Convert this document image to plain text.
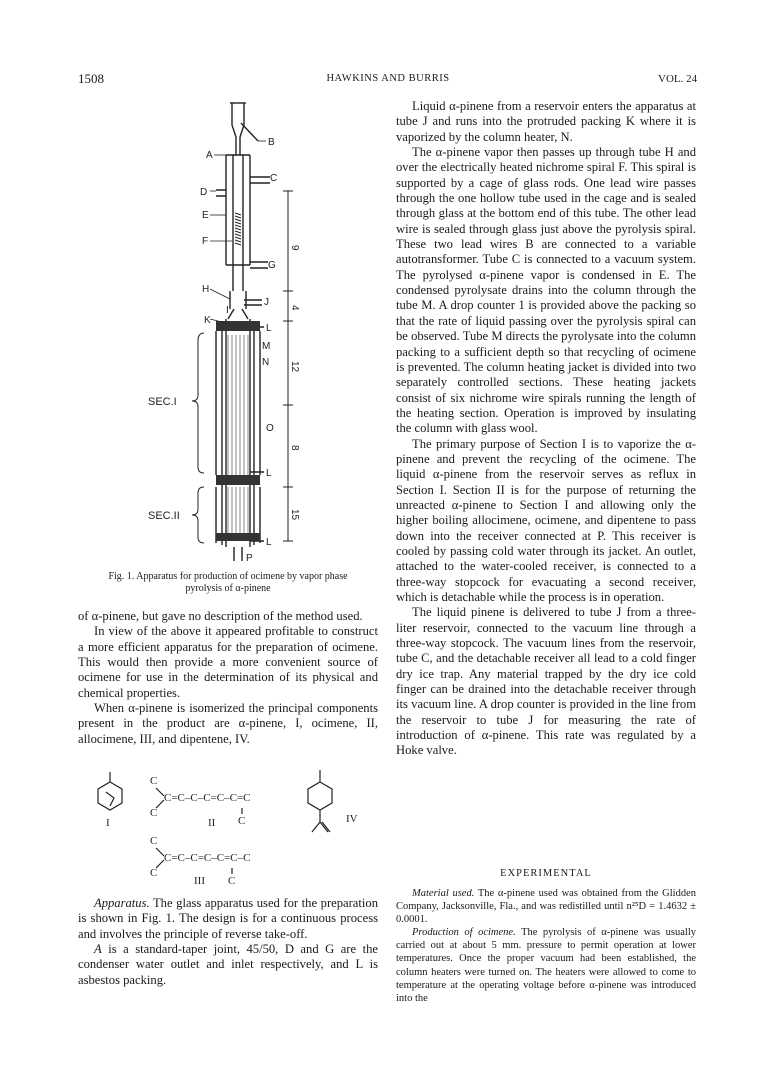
1508	HAWKINS AND BURRIS	VOL. 24
A
B
C
D
E
F
G
H
I
J
K
L
M
N
O
L
L
P
SEC.I
SEC.II
9
4
12
8
15
Fig. 1. Apparatus for production of ocimene by vapor phase
pyrolysis of α-pinene

of α-pinene, but gave no description of the method used.

In view of the above it appeared profitable to construct a more efficient apparatus for the preparation of ocimene. This would then provide a more convenient source of ocimene for use in the determination of its physical and chemical properties.

When α-pinene is isomerized the principal components present in the product are α-pinene, I, ocimene, II, allocimene, III, and dipentene, IV.

C
C=C–C–C=C–C=C
C
C
I	II	IV
C
C=C–C=C–C=C–C
C
III C

Apparatus. The glass apparatus used for the preparation is shown in Fig. 1. The design is for a continuous process and involves the principle of reverse take-off.

A is a standard-taper joint, 45/50, D and G are the condenser water outlet and inlet respectively, and L is asbestos packing.

Liquid α-pinene from a reservoir enters the apparatus at tube J and runs into the protruded packing K where it is vaporized by the column heater, N.

The α-pinene vapor then passes up through tube H and over the electrically heated nichrome spiral F. This spiral is supported by a cage of glass rods. One lead wire passes through the one hollow tube used in the cage and is sealed through glass at the bottom end of this tube. The other lead wire is sealed through glass just above the pyrolysis spiral. These two lead wires B are connected to a variable autotransformer. Tube C is connected to a vacuum system. The pyrolysed α-pinene vapor is condensed in E. The condensed pyrolysate drains into the column through the tube M. A drop counter 1 is provided above the packing so that the rate of liquid passing over the pyrolysis spiral can be observed. Tube M directs the pyrolysate into the column packing to a sufficient depth so that recycling of ocimene is prevented. The column heating jacket is divided into two separately controlled sections. These heating jackets consist of six nichrome wire spirals running the length of the heating section. Operation is improved by insulating the column with glass wool.

The primary purpose of Section I is to vaporize the α-pinene and prevent the recycling of the ocimene. The liquid α-pinene from the reservoir serves as reflux in Section I. Section II is for the purpose of returning the unreacted α-pinene to Section I and allowing only the higher boiling allocimene, ocimene, and dipentene to pass down into the receiver connected at P. This receiver is cooled by passing cold water through its jacket. An outlet, attached to the water-cooled receiver, is connected to a three-way stopcock for evacuating a second receiver, which is detachable while the process is in operation.

The liquid pinene is delivered to tube J from a three-liter reservoir, connected to the vacuum line through a three-way stopcock. The vacuum lines from the reservoir, tube C, and the detachable receiver all lead to a cold finger dry ice trap. Any material trapped by the dry ice cold finger can be drained into the detachable receiver through its vacuum line. A drop counter is provided in the line from the reservoir to tube J for measuring the rate of introduction of α-pinene. This rate was regulated by a Hoke valve.

EXPERIMENTAL

Material used. The α-pinene used was obtained from the Glidden Company, Jacksonville, Fla., and was redistilled until n²⁵D = 1.4632 ± 0.0001.

Production of ocimene. The pyrolysis of α-pinene was usually carried out at about 5 mm. pressure to permit operation at lower temperatures. Once the proper vacuum had been established, the column heaters were turned on. The heaters were allowed to come to temperature at the operating voltage before α-pinene was introduced into the
